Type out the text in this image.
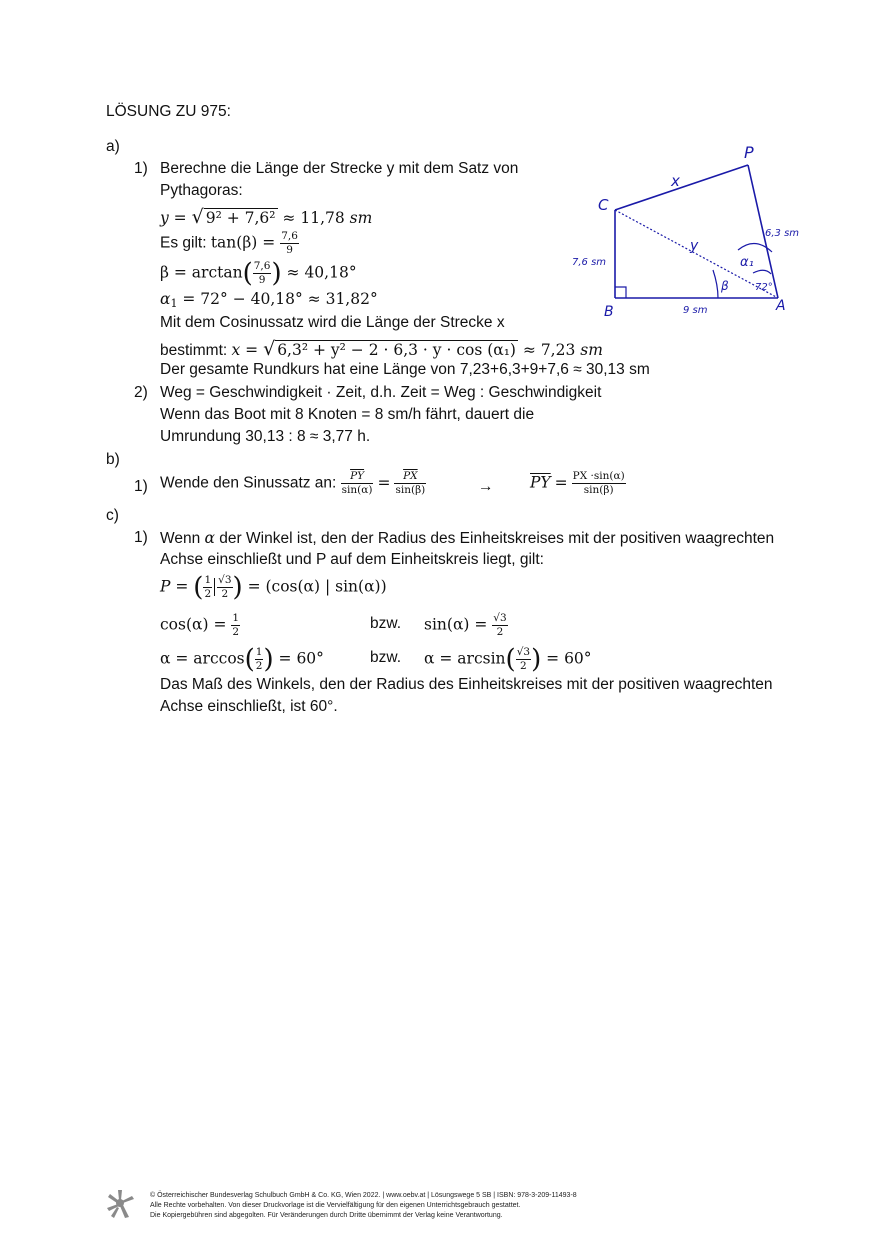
LÖSUNG ZU 975:
a)
1) Berechne die Länge der Strecke y mit dem Satz von
Pythagoras:
y = √ 9² + 7,6² ≈ 11,78 sm
Es gilt: $\tan(\beta) = \frac{7,6}{9}$
$\beta = \arctan( \frac{7,6}{9}$ ) ≈ 40,18°
$\alpha_1 = 72^\circ - 40,18^\circ \approx 31,82^\circ$
Mit dem Cosinussatz wird die Länge der Strecke x
bestimmt: x = √ 6,3² + y² − 2 · 6,3 · y · cos (α₁) ≈ 7,23 sm
Der gesamte Rundkurs hat eine Länge von 7,23+6,3+9+7,6 ≈ 30,13 sm
2) Weg = Geschwindigkeit · Zeit, d.h. Zeit = Weg : Geschwindigkeit
Wenn das Boot mit 8 Knoten = 8 sm/h fährt, dauert die
Umrundung 30,13 : 8 ≈ 3,77 h.
b)
1) Wende den Sinussatz an: $\frac{\overline{PY}}{\sin(\alpha)} = \frac{\overline{PX}}{\sin(\beta)}$	→ $\overline{PY} = \frac{PX \cdot\sin(\alpha)}{\sin(\beta)}$
c)
1) Wenn α der Winkel ist, den der Radius des Einheitskreises mit der positiven waagrechten
Achse einschließt und P auf dem Einheitskreis liegt, gilt:
P = ( $\frac{1}{2} \frac{√3}{2}$ ) = (cos(α) | sin(α))
$\cos(\alpha) = \frac{1}{2}$	bzw. $\sin(\alpha) = \frac{√3}{2}$
$\alpha = \arccos( \frac{1}{2}$ ) = 60°	bzw. $\alpha = \arcsin( \frac{√3}{2}$ ) = 60°
Das Maß des Winkels, den der Radius des Einheitskreises mit der positiven waagrechten
Achse einschließt, ist 60°.
P
C
B	A
x
y
7,6 sm
6,3 sm
9 sm
α₁
β	72°
© Österreichischer Bundesverlag Schulbuch GmbH & Co. KG, Wien 2022. | www.oebv.at | Lösungswege 5 SB | ISBN: 978-3-209-11493-8
Alle Rechte vorbehalten. Von dieser Druckvorlage ist die Vervielfältigung für den eigenen Unterrichtsgebrauch gestattet.
Die Kopiergebühren sind abgegolten. Für Veränderungen durch Dritte übernimmt der Verlag keine Verantwortung.
